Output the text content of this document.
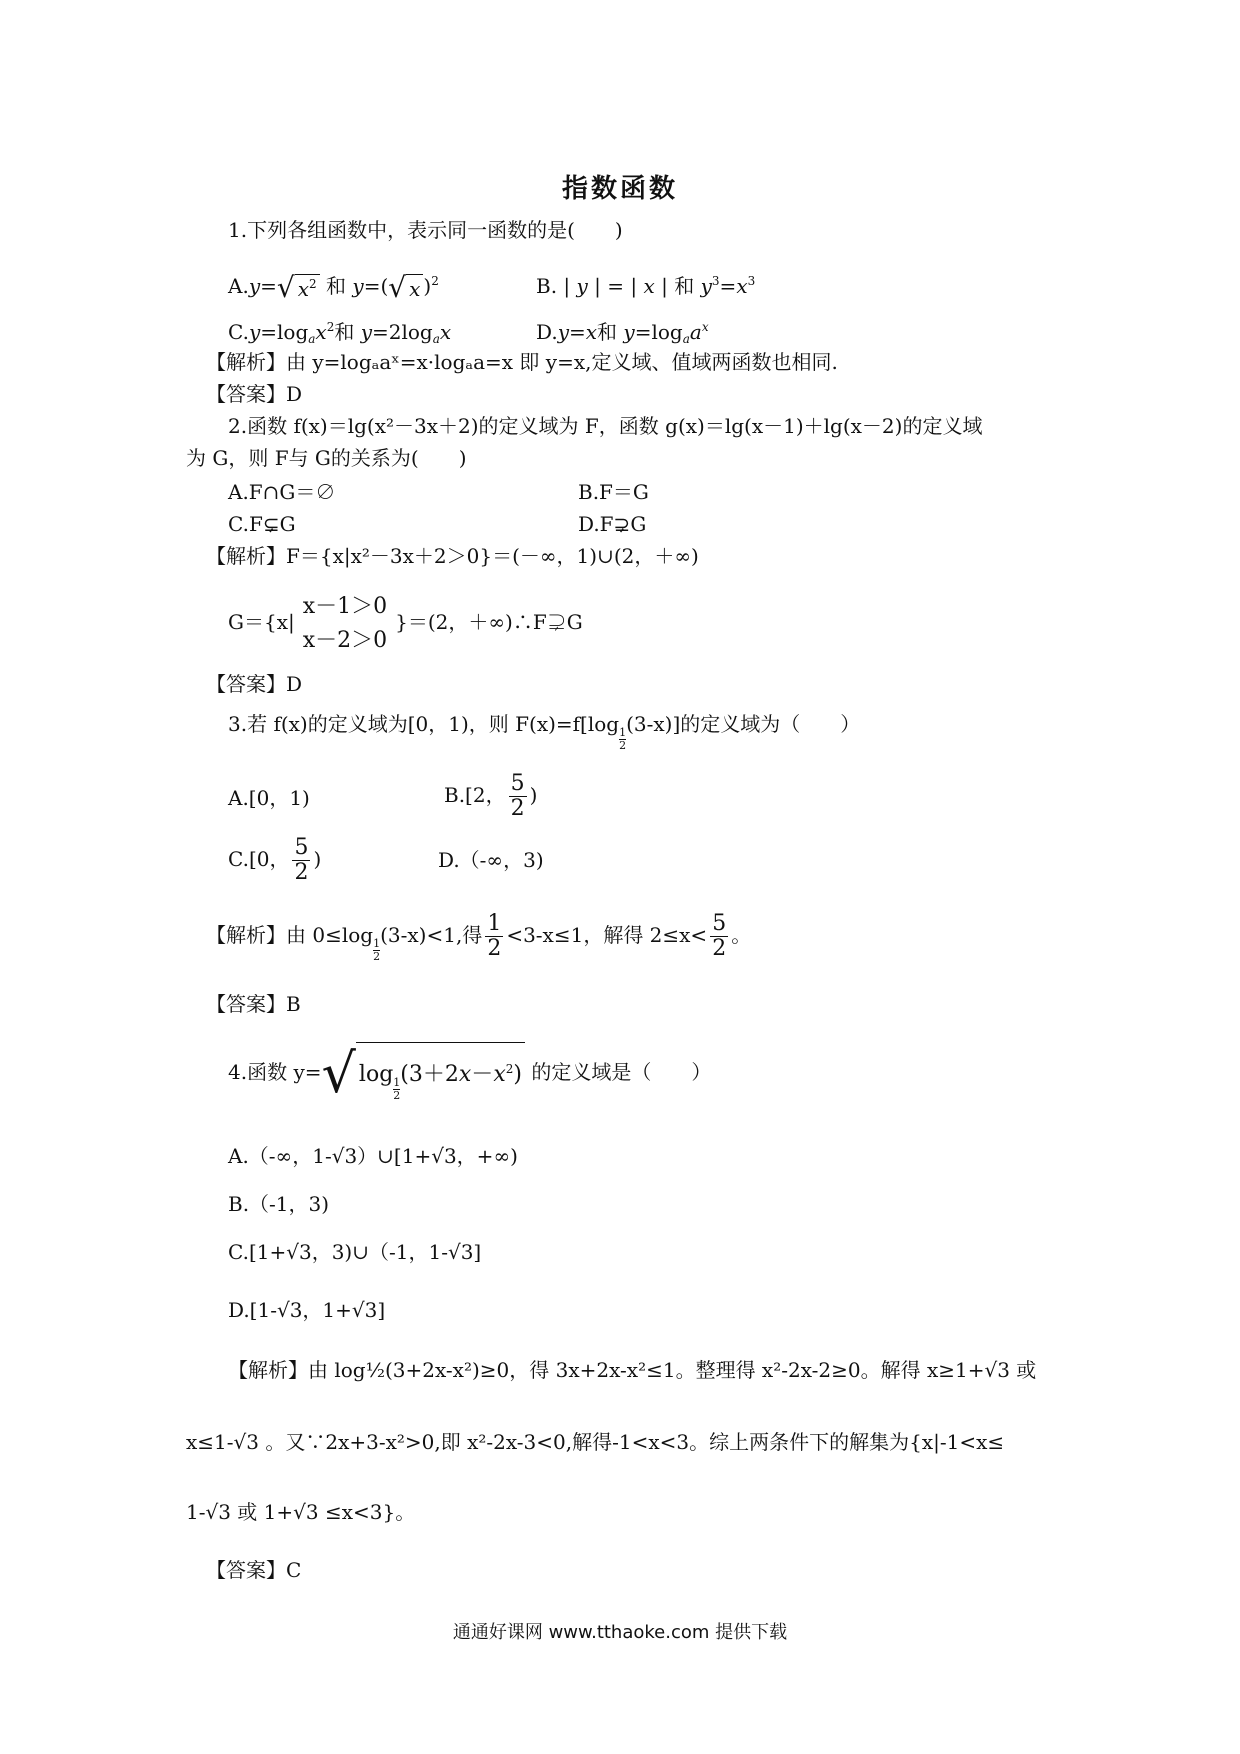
指数函数
1.下列各组函数中，表示同一函数的是(　　)
A.y=√ $x^2$ 和 y=(√ x )$^2$	B. | y | = | x | 和 $y^3=x^3$
$C.y=\log_ax^2$和 $y=2\log_ax$	D.y=x和 $y=\log_aa^x$
【解析】由 y=logₐaˣ=x·logₐa=x 即 y=x,定义域、值域两函数也相同.
【答案】D
2.函数 f(x)＝lg(x²－3x＋2)的定义域为 F，函数 g(x)＝lg(x－1)＋lg(x－2)的定义域
为 G，则 F与 G的关系为(　　)
A.F∩G＝∅	B.F＝G
C.F⊊G	D.F⊋G
【解析】F＝{x|x²－3x＋2＞0}＝(－∞，1)∪(2，＋∞)
G＝{x|
x－1＞0
x－2＞0
}＝(2，＋∞)∴F⊋G
【答案】D
3.若 f(x)的定义域为[0，1)，则 F(x)=f[log
$\frac{1}{2}(3-x)$]的定义域为（　　）
A.[0，1)	B.[2， $\frac{5}{2}$ )
C.[0， $\frac{5}{2}$ )	D.（-∞，3)
【解析】由 0≤log
$\frac{1}{2}(3-x)<1$,得 $\frac{1}{2} <3-x\le 1$，解得 $2\le x< \frac{5}{2}$ 。
【答案】B
4.函数 y=√ log
$\frac{1}{2}(3+2x-x^2)$ 的定义域是（　　）
A.（-∞，1-√3）∪[1+√3，+∞)
B.（-1，3)
C.[1+√3，3)∪（-1，1-√3]
D.[1-√3，1+√3]
【解析】由 log½(3+2x-x²)≥0，得 3x+2x-x²≤1。整理得 x²-2x-2≥0。解得 x≥1+√3 或
x≤1-√3 。又∵2x+3-x²>0,即 x²-2x-3<0,解得-1<x<3。综上两条件下的解集为{x|-1<x≤
1-√3 或 1+√3 ≤x<3}。
【答案】C
通通好课网 www.tthaoke.com 提供下载
